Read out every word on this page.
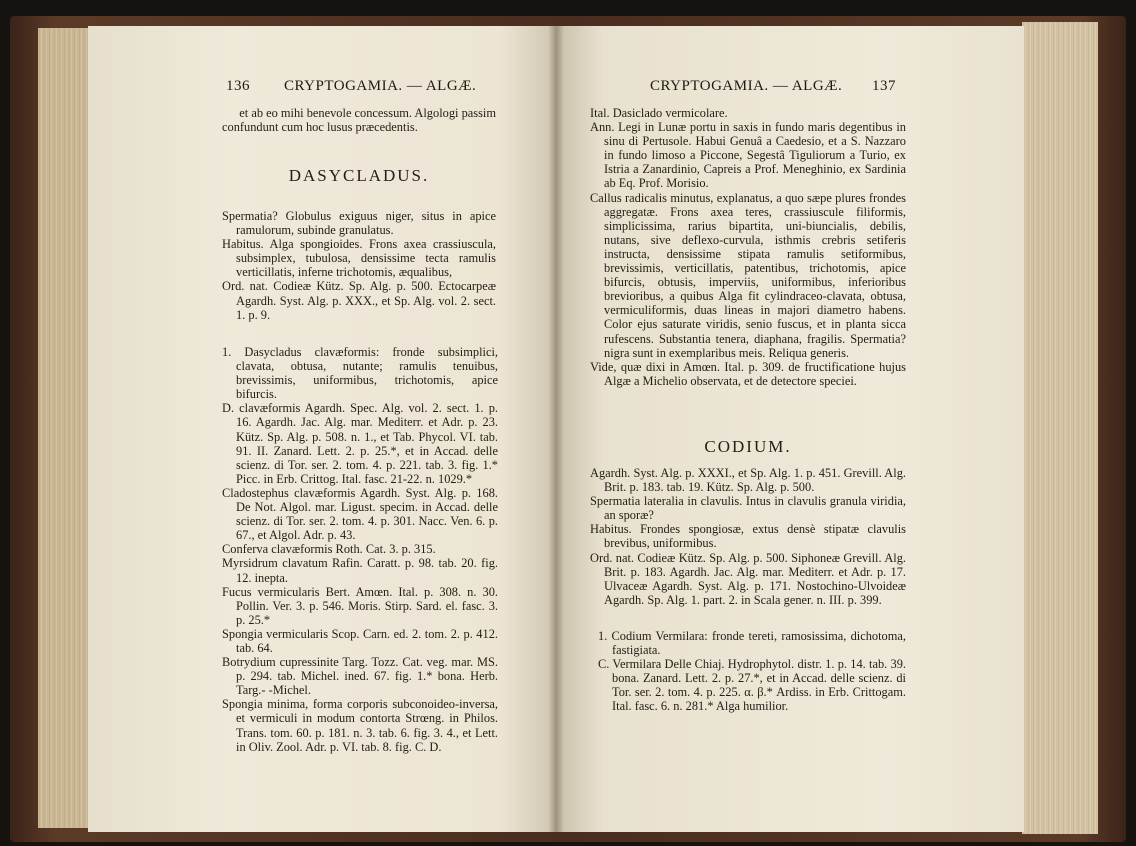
136 CRYPTOGAMIA. — ALGÆ.

et ab eo mihi benevole concessum. Algologi passim

confundunt cum hoc lusus præcedentis.

DASYCLADUS.

Spermatia? Globulus exiguus niger, situs in apice ramulorum, subinde granulatus.

Habitus. Alga spongioides. Frons axea crassiuscula, subsimplex, tubulosa, densissime tecta ramulis verticillatis, inferne trichotomis, æqualibus,

Ord. nat. Codieæ Kütz. Sp. Alg. p. 500. Ectocarpeæ Agardh. Syst. Alg. p. XXX., et Sp. Alg. vol. 2. sect. 1. p. 9.

1. Dasycladus clavæformis: fronde subsimplici, clavata, obtusa, nutante; ramulis tenuibus, brevissimis, uniformibus, trichotomis, apice bifurcis.

D. clavæformis Agardh. Spec. Alg. vol. 2. sect. 1. p. 16. Agardh. Jac. Alg. mar. Mediterr. et Adr. p. 23. Kütz. Sp. Alg. p. 508. n. 1., et Tab. Phycol. VI. tab. 91. II. Zanard. Lett. 2. p. 25.*, et in Accad. delle scienz. di Tor. ser. 2. tom. 4. p. 221. tab. 3. fig. 1.* Picc. in Erb. Crittog. Ital. fasc. 21-22. n. 1029.*

Cladostephus clavæformis Agardh. Syst. Alg. p. 168. De Not. Algol. mar. Ligust. specim. in Accad. delle scienz. di Tor. ser. 2. tom. 4. p. 301. Nacc. Ven. 6. p. 67., et Algol. Adr. p. 43.

Conferva clavæformis Roth. Cat. 3. p. 315.

Myrsidrum clavatum Rafin. Caratt. p. 98. tab. 20. fig. 12. inepta.

Fucus vermicularis Bert. Amœn. Ital. p. 308. n. 30. Pollin. Ver. 3. p. 546. Moris. Stirp. Sard. el. fasc. 3. p. 25.*

Spongia vermicularis Scop. Carn. ed. 2. tom. 2. p. 412. tab. 64.

Botrydium cupressinite Targ. Tozz. Cat. veg. mar. MS. p. 294. tab. Michel. ined. 67. fig. 1.* bona. Herb. Targ.- -Michel.

Spongia minima, forma corporis subconoideo-inversa, et vermiculi in modum contorta Strœng. in Philos. Trans. tom. 60. p. 181. n. 3. tab. 6. fig. 3. 4., et Lett. in Oliv. Zool. Adr. p. VI. tab. 8. fig. C. D.

CRYPTOGAMIA. — ALGÆ. 137

Ital. Dasiclado vermicolare.

Ann. Legi in Lunæ portu in saxis in fundo maris degentibus in sinu di Pertusole. Habui Genuâ a Caedesio, et a S. Nazzaro in fundo limoso a Piccone, Segestâ Tiguliorum a Turio, ex Istria a Zanardinio, Capreis a Prof. Meneghinio, ex Sardinia ab Eq. Prof. Morisio.

Callus radicalis minutus, explanatus, a quo sæpe plures frondes aggregatæ. Frons axea teres, crassiuscule filiformis, simplicissima, rarius bipartita, uni-biuncialis, debilis, nutans, sive deflexo-curvula, isthmis crebris setiferis instructa, densissime stipata ramulis setiformibus, brevissimis, verticillatis, patentibus, trichotomis, apice bifurcis, obtusis, imperviis, uniformibus, inferioribus brevioribus, a quibus Alga fit cylindraceo-clavata, obtusa, vermiculiformis, duas lineas in majori diametro habens. Color ejus saturate viridis, senio fuscus, et in planta sicca rufescens. Substantia tenera, diaphana, fragilis. Spermatia? nigra sunt in exemplaribus meis. Reliqua generis.

Vide, quæ dixi in Amœn. Ital. p. 309. de fructificatione hujus Algæ a Michelio observata, et de detectore speciei.

CODIUM.

Agardh. Syst. Alg. p. XXXI., et Sp. Alg. 1. p. 451. Grevill. Alg. Brit. p. 183. tab. 19. Kütz. Sp. Alg. p. 500.

Spermatia lateralia in clavulis. Intus in clavulis granula viridia, an sporæ?

Habitus. Frondes spongiosæ, extus densè stipatæ clavulis brevibus, uniformibus.

Ord. nat. Codieæ Kütz. Sp. Alg. p. 500. Siphoneæ Grevill. Alg. Brit. p. 183. Agardh. Jac. Alg. mar. Mediterr. et Adr. p. 17. Ulvaceæ Agardh. Syst. Alg. p. 171. Nostochino-Ulvoideæ Agardh. Sp. Alg. 1. part. 2. in Scala gener. n. III. p. 399.

1. Codium Vermilara: fronde tereti, ramosissima, dichotoma, fastigiata.

C. Vermilara Delle Chiaj. Hydrophytol. distr. 1. p. 14. tab. 39. bona. Zanard. Lett. 2. p. 27.*, et in Accad. delle scienz. di Tor. ser. 2. tom. 4. p. 225. α. β.* Ardiss. in Erb. Crittogam. Ital. fasc. 6. n. 281.* Alga humilior.
